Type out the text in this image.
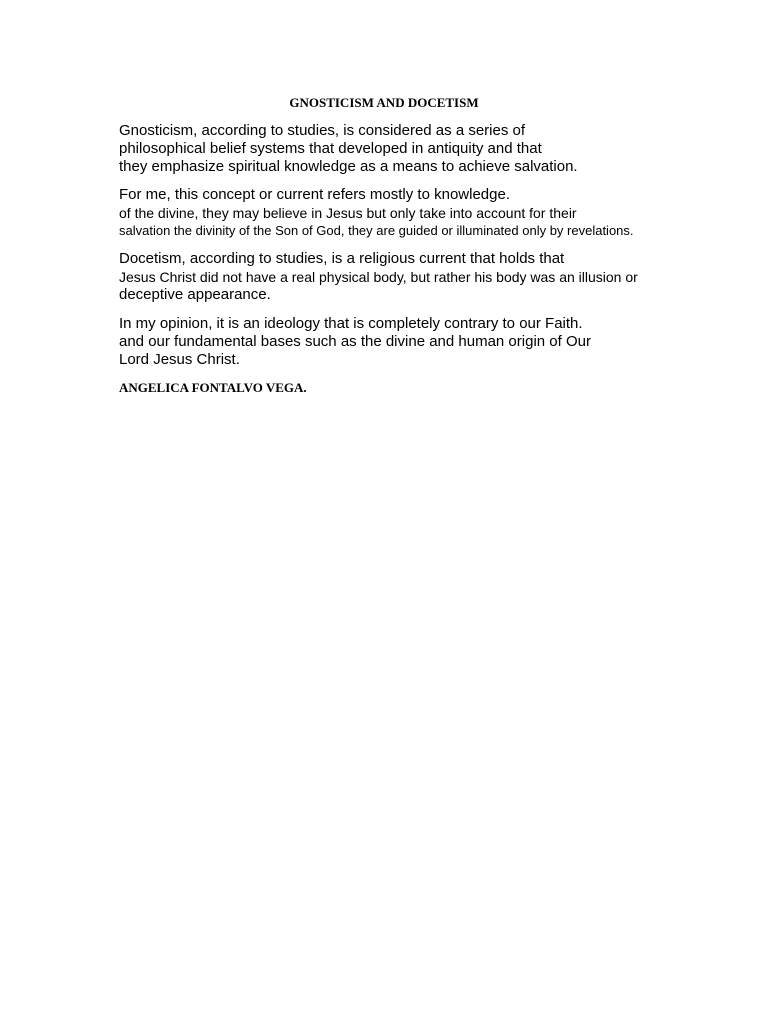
GNOSTICISM AND DOCETISM
Gnosticism, according to studies, is considered as a series of
philosophical belief systems that developed in antiquity and that
they emphasize spiritual knowledge as a means to achieve salvation.
For me, this concept or current refers mostly to knowledge.
of the divine, they may believe in Jesus but only take into account for their
salvation the divinity of the Son of God, they are guided or illuminated only by revelations.
Docetism, according to studies, is a religious current that holds that
Jesus Christ did not have a real physical body, but rather his body was an illusion or
deceptive appearance.
In my opinion, it is an ideology that is completely contrary to our Faith.
and our fundamental bases such as the divine and human origin of Our
Lord Jesus Christ.
ANGELICA FONTALVO VEGA.
